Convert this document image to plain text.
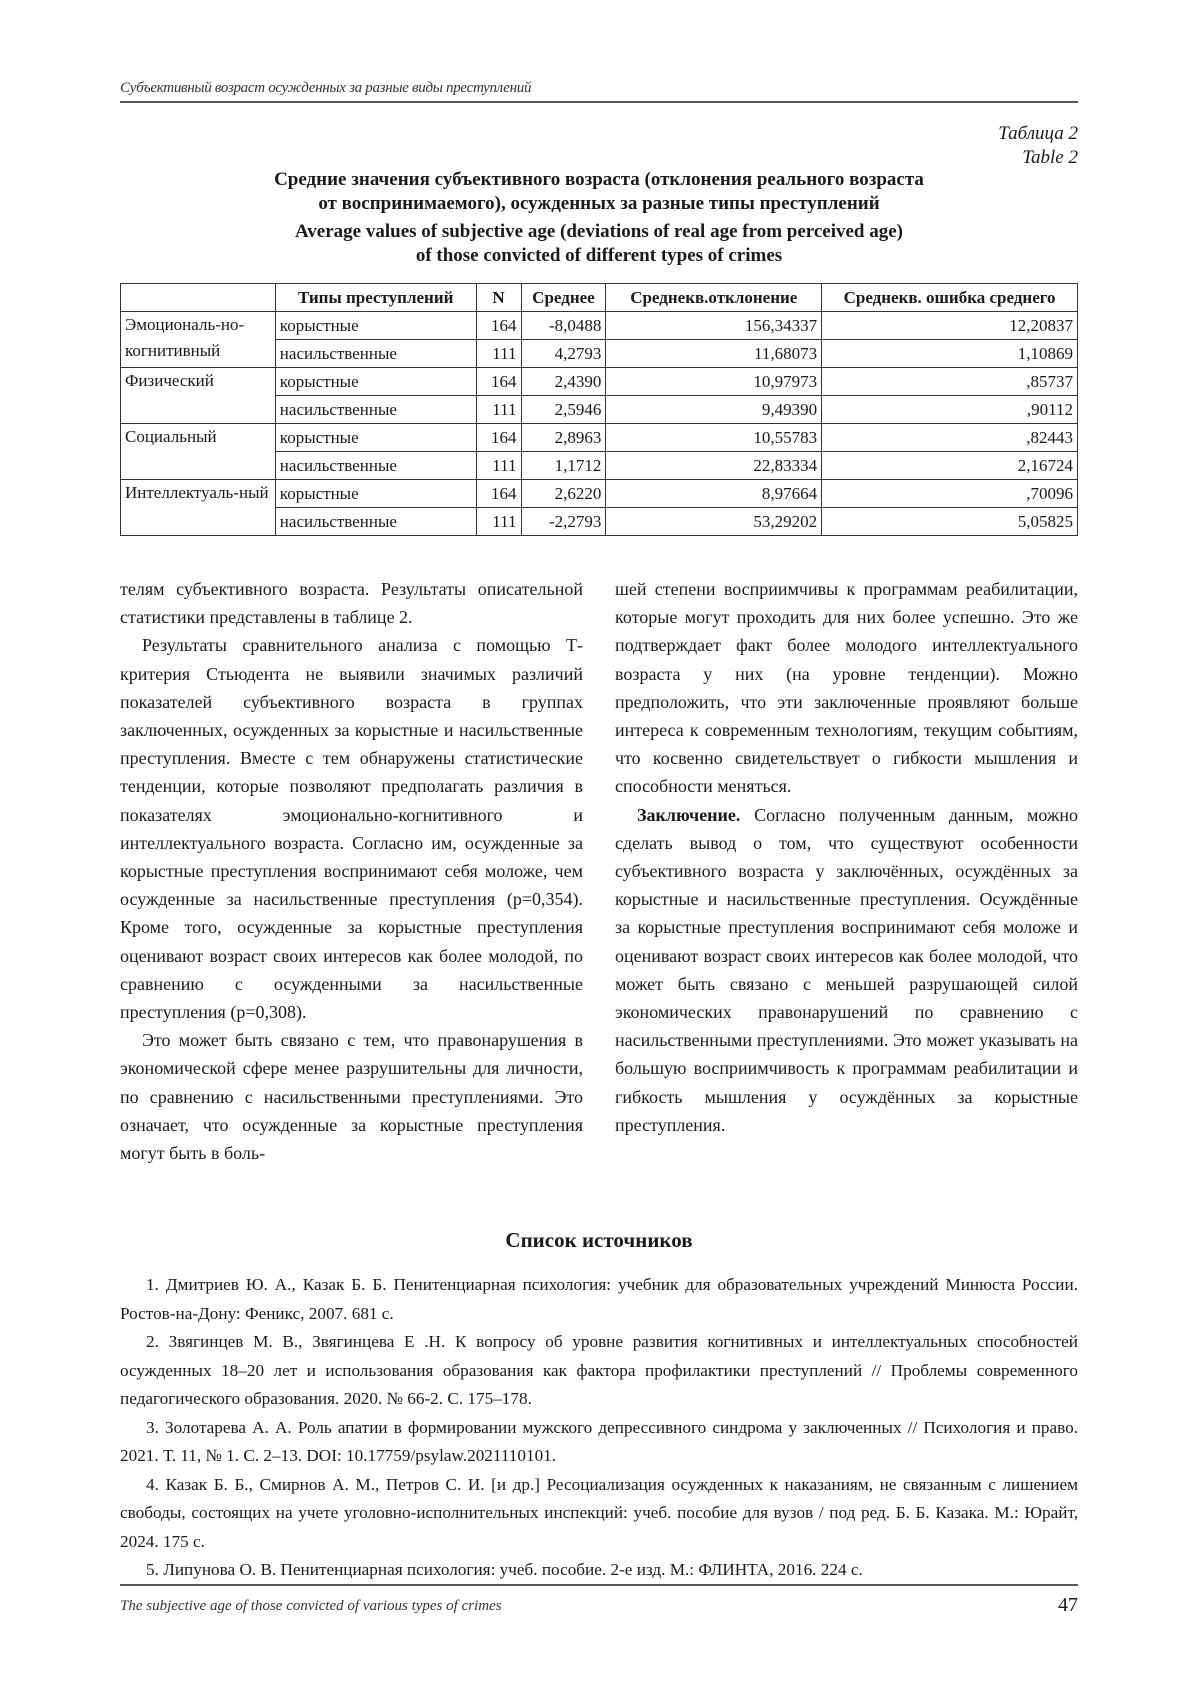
Субъективный возраст осужденных за разные виды преступлений
Таблица 2
Table 2
Средние значения субъективного возраста (отклонения реального возраста
от воспринимаемого), осужденных за разные типы преступлений
Average values of subjective age (deviations of real age from perceived age)
of those convicted of different types of crimes
	Типы преступлений	N	Среднее	Среднекв.отклонение	Среднекв. ошибка среднего
Эмоциональ-но-когнитивный	корыстные	164	-8,0488	156,34337	12,20837
	насильственные	111	4,2793	11,68073	1,10869
Физический	корыстные	164	2,4390	10,97973	,85737
	насильственные	111	2,5946	9,49390	,90112
Социальный	корыстные	164	2,8963	10,55783	,82443
	насильственные	111	1,1712	22,83334	2,16724
Интеллектуаль-ный	корыстные	164	2,6220	8,97664	,70096
	насильственные	111	-2,2793	53,29202	5,05825

телям субъективного возраста. Результаты описательной статистики представлены в таблице 2.

Результаты сравнительного анализа с помощью Т-критерия Стьюдента не выявили значимых различий показателей субъективного возраста в группах заключенных, осужденных за корыстные и насильственные преступления. Вместе с тем обнаружены статистические тенденции, которые позволяют предполагать различия в показателях эмоционально-когнитивного и интеллектуального возраста. Согласно им, осужденные за корыстные преступления воспринимают себя моложе, чем осужденные за насильственные преступления (p=0,354). Кроме того, осужденные за корыстные преступления оценивают возраст своих интересов как более молодой, по сравнению с осужденными за насильственные преступления (p=0,308).

Это может быть связано с тем, что правонарушения в экономической сфере менее разрушительны для личности, по сравнению с насильственными преступлениями. Это означает, что осужденные за корыстные преступления могут быть в боль-

шей степени восприимчивы к программам реабилитации, которые могут проходить для них более успешно. Это же подтверждает факт более молодого интеллектуального возраста у них (на уровне тенденции). Можно предположить, что эти заключенные проявляют больше интереса к современным технологиям, текущим событиям, что косвенно свидетельствует о гибкости мышления и способности меняться.

Заключение. Согласно полученным данным, можно сделать вывод о том, что существуют особенности субъективного возраста у заключённых, осуждённых за корыстные и насильственные преступления. Осуждённые за корыстные преступления воспринимают себя моложе и оценивают возраст своих интересов как более молодой, что может быть связано с меньшей разрушающей силой экономических правонарушений по сравнению с насильственными преступлениями. Это может указывать на большую восприимчивость к программам реабилитации и гибкость мышления у осуждённых за корыстные преступления.

Список источников

1. Дмитриев Ю. А., Казак Б. Б. Пенитенциарная психология: учебник для образовательных учреждений Минюста России. Ростов-на-Дону: Феникс, 2007. 681 с.

2. Звягинцев М. В., Звягинцева Е .Н. К вопросу об уровне развития когнитивных и интеллектуальных способностей осужденных 18–20 лет и использования образования как фактора профилактики преступлений // Проблемы современного педагогического образования. 2020. № 66-2. С. 175–178.

3. Золотарева А. А. Роль апатии в формировании мужского депрессивного синдрома у заключенных // Психология и право. 2021. Т. 11, № 1. С. 2–13. DOI: 10.17759/psylaw.2021110101.

4. Казак Б. Б., Смирнов А. М., Петров С. И. [и др.] Ресоциализация осужденных к наказаниям, не связанным с лишением свободы, состоящих на учете уголовно-исполнительных инспекций: учеб. пособие для вузов / под ред. Б. Б. Казака. М.: Юрайт, 2024. 175 с.

5. Липунова О. В. Пенитенциарная психология: учеб. пособие. 2-е изд. М.: ФЛИНТА, 2016. 224 с.

The subjective age of those convicted of various types of crimes	47
